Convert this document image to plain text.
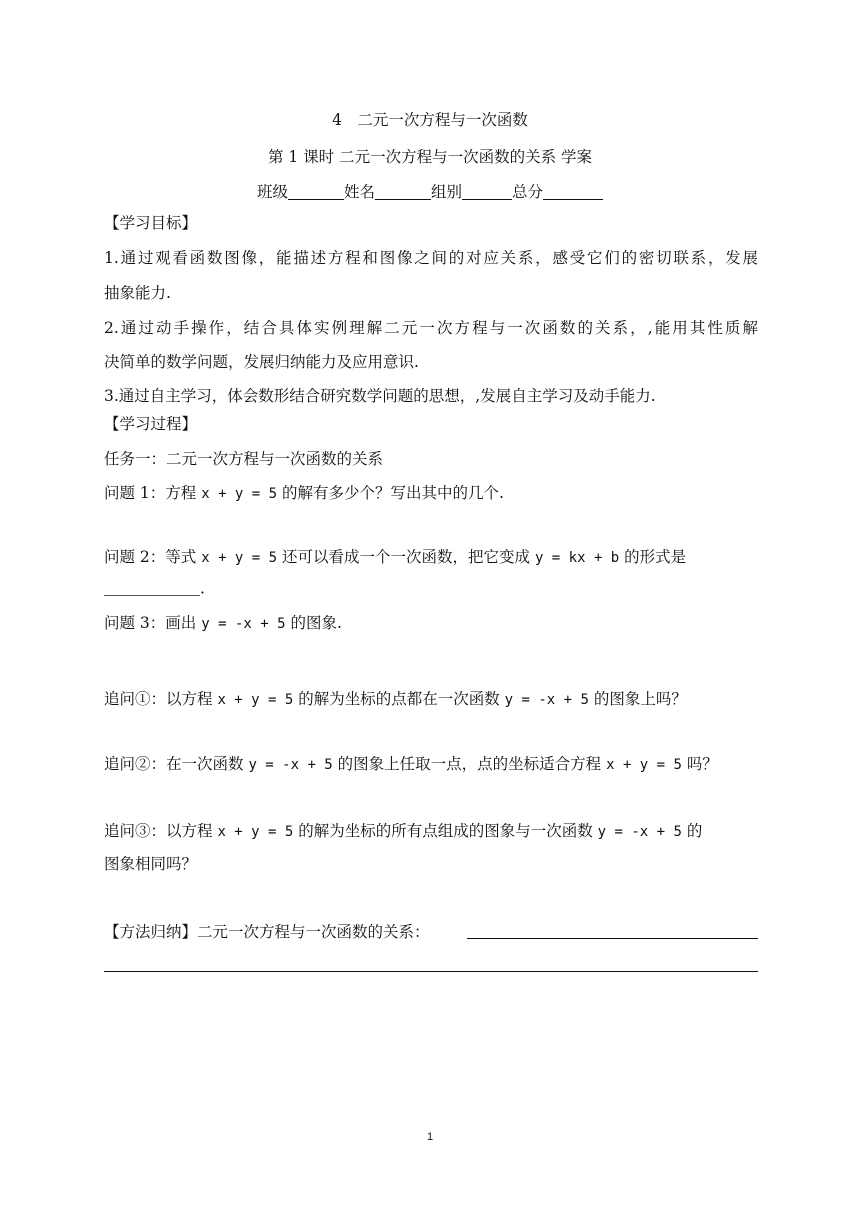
4　二元一次方程与一次函数
第 1 课时 二元一次方程与一次函数的关系 学案
班级	姓名	组别	总分
【学习目标】
1.通过观看函数图像，能描述方程和图像之间的对应关系，感受它们的密切联系，发展
抽象能力.
2.通过动手操作，结合具体实例理解二元一次方程与一次函数的关系，,能用其性质解
决简单的数学问题，发展归纳能力及应用意识.
3.通过自主学习，体会数形结合研究数学问题的思想，,发展自主学习及动手能力.
【学习过程】
任务一：二元一次方程与一次函数的关系
问题 1：方程 x + y = 5 的解有多少个？写出其中的几个.
问题 2：等式 x + y = 5 还可以看成一个一次函数，把它变成 y = kx + b 的形式是
.
问题 3：画出 y = -x + 5 的图象.
追问①：以方程 x + y = 5 的解为坐标的点都在一次函数 y = -x + 5 的图象上吗？
追问②：在一次函数 y = -x + 5 的图象上任取一点，点的坐标适合方程 x + y = 5 吗？
追问③：以方程 x + y = 5 的解为坐标的所有点组成的图象与一次函数 y = -x + 5 的
图象相同吗？
【方法归纳】二元一次方程与一次函数的关系：
1
